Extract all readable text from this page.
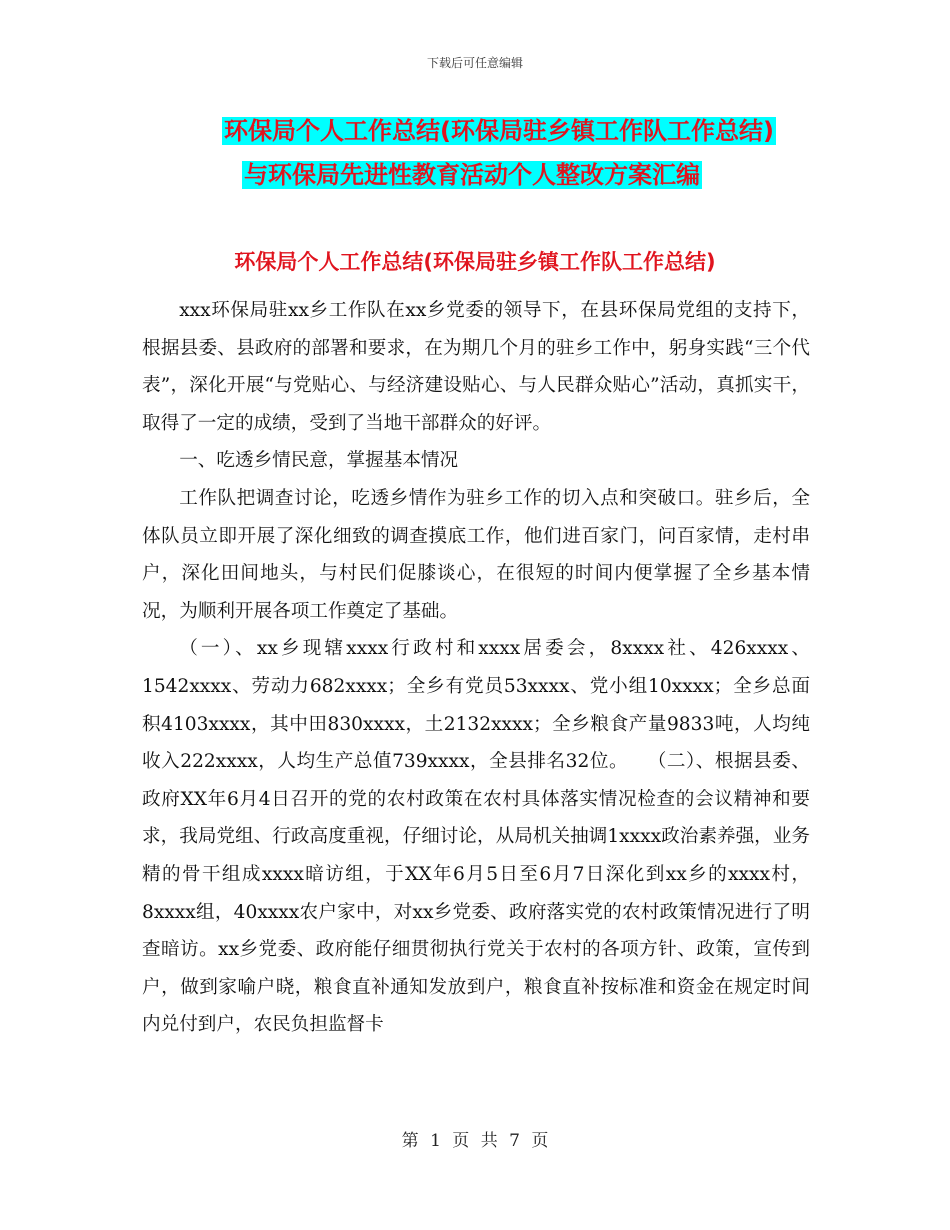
下载后可任意编辑
环保局个人工作总结(环保局驻乡镇工作队工作总结)
与环保局先进性教育活动个人整改方案汇编
环保局个人工作总结(环保局驻乡镇工作队工作总结)

xxx环保局驻xx乡工作队在xx乡党委的领导下，在县环保局党组的支持下，根据县委、县政府的部署和要求，在为期几个月的驻乡工作中，躬身实践“三个代表”，深化开展“与党贴心、与经济建设贴心、与人民群众贴心”活动，真抓实干，取得了一定的成绩，受到了当地干部群众的好评。

一、吃透乡情民意，掌握基本情况

工作队把调查讨论，吃透乡情作为驻乡工作的切入点和突破口。驻乡后，全体队员立即开展了深化细致的调查摸底工作，他们进百家门，问百家情，走村串户，深化田间地头，与村民们促膝谈心，在很短的时间内便掌握了全乡基本情况，为顺利开展各项工作奠定了基础。

（一）、xx乡现辖xxxx行政村和xxxx居委会，8xxxx社、426xxxx、1542xxxx、劳动力682xxxx；全乡有党员53xxxx、党小组10xxxx；全乡总面积4103xxxx，其中田830xxxx，土2132xxxx；全乡粮食产量9833吨，人均纯收入222xxxx，人均生产总值739xxxx，全县排名32位。　　（二）、根据县委、政府XX年6月4日召开的党的农村政策在农村具体落实情况检查的会议精神和要求，我局党组、行政高度重视，仔细讨论，从局机关抽调1xxxx政治素养强，业务精的骨干组成xxxx暗访组，于XX年6月5日至6月7日深化到xx乡的xxxx村，8xxxx组，40xxxx农户家中，对xx乡党委、政府落实党的农村政策情况进行了明查暗访。xx乡党委、政府能仔细贯彻执行党关于农村的各项方针、政策，宣传到户，做到家喻户晓，粮食直补通知发放到户，粮食直补按标准和资金在规定时间内兑付到户，农民负担监督卡

第 1 页 共 7 页
